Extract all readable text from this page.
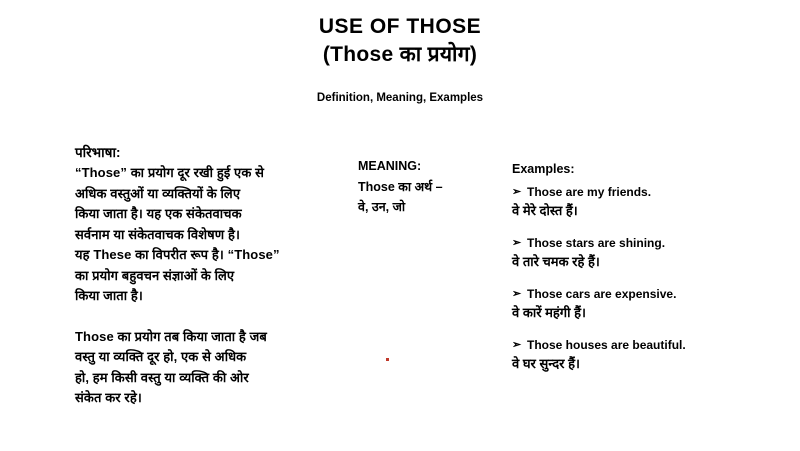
USE OF THOSE
(Those का प्रयोग)
Definition, Meaning, Examples
परिभाषा:

“Those” का प्रयोग दूर रखी हुई एक से

अधिक वस्तुओं या व्यक्तियों के लिए

किया जाता है। यह एक संकेतवाचक

सर्वनाम या संकेतवाचक विशेषण है।

यह These का विपरीत रूप है। “Those”

का प्रयोग बहुवचन संज्ञाओं के लिए

किया जाता है।

Those का प्रयोग तब किया जाता है जब

वस्तु या व्यक्ति दूर हो, एक से अधिक

हो, हम किसी वस्तु या व्यक्ति की ओर

संकेत कर रहे।

MEANING:

Those का अर्थ –

वे, उन, जो

Examples:
➢ Those are my friends.
वे मेरे दोस्त हैं।
➢ Those stars are shining.
वे तारे चमक रहे हैं।
➢ Those cars are expensive.
वे कारें महंगी हैं।
➢ Those houses are beautiful.
वे घर सुन्दर हैं।
